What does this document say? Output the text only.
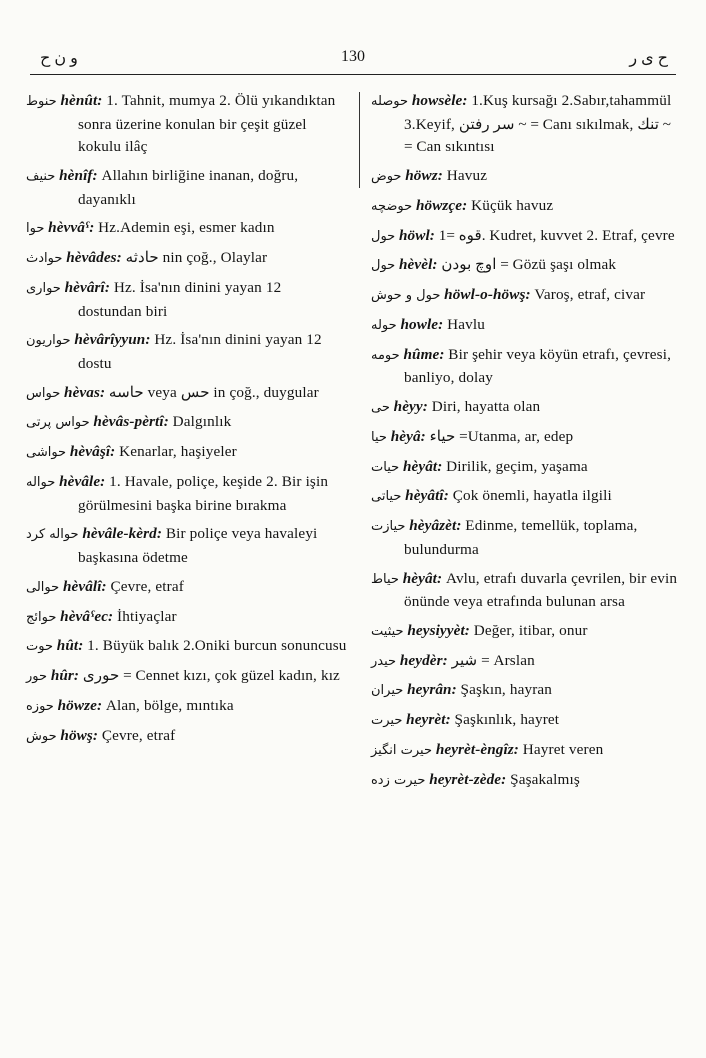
و ن ح	130	ح ى ر
حنوط hènût: 1. Tahnit, mumya 2. Ölü yıkandıktan sonra üzerine konulan bir çeşit güzel kokulu ilâç
حنيف hènîf: Allahın birliğine inanan, doğru, dayanıklı
حوا hèvvâˁ: Hz.Ademin eşi, esmer kadın
حوادث hèvâdes: حادثه nin çoğ., Olaylar
حوارى hèvârî: Hz. İsa'nın dinini yayan 12 dostundan biri
حواريون hèvârîyyun: Hz. İsa'nın dinini yayan 12 dostu
حواس hèvas: حاسه veya حس in çoğ., duygular
حواس پرتى hèvâs-pèrtî: Dalgınlık
حواشى hèvâşî: Kenarlar, haşiyeler
حواله hèvâle: 1. Havale, poliçe, keşide 2. Bir işin görülmesini başka birine bırakma
حواله كرد hèvâle-kèrd: Bir poliçe veya havaleyi başkasına ödetme
حوالى hèvâlî: Çevre, etraf
حوائج hèvâˁec: İhtiyaçlar
حوت hût: 1. Büyük balık 2.Oniki burcun sonuncusu
حور hûr: حورى = Cennet kızı, çok güzel kadın, kız
حوزه höwze: Alan, bölge, mıntıka
حوش höwş: Çevre, etraf
حوصله howsèle: 1.Kuş kursağı 2.Sabır,tahammül 3.Keyif, سر رفتن ~ = Canı sıkılmak, تنك ~ = Can sıkıntısı
حوض höwz: Havuz
حوضچه höwzçe: Küçük havuz
حول höwl: قوه =1. Kudret, kuvvet 2. Etraf, çevre
حول hèvèl: اوچ بودن = Gözü şaşı olmak
حول و حوش höwl-o-höwş: Varoş, etraf, civar
حوله howle: Havlu
حومه hûme: Bir şehir veya köyün etrafı, çevresi, banliyo, dolay
حى hèyy: Diri, hayatta olan
حيا hèyâ: حياء =Utanma, ar, edep
حيات hèyât: Dirilik, geçim, yaşama
حياتى hèyâtî: Çok önemli, hayatla ilgili
حيازت hèyâzèt: Edinme, temellük, toplama, bulundurma
حياط hèyât: Avlu, etrafı duvarla çevrilen, bir evin önünde veya etrafında bulunan arsa
حيثيت heysiyyèt: Değer, itibar, onur
حيدر heydèr: شير = Arslan
حيران heyrân: Şaşkın, hayran
حيرت heyrèt: Şaşkınlık, hayret
حيرت انگيز heyrèt-èngîz: Hayret veren
حيرت زده heyrèt-zède: Şaşakalmış
